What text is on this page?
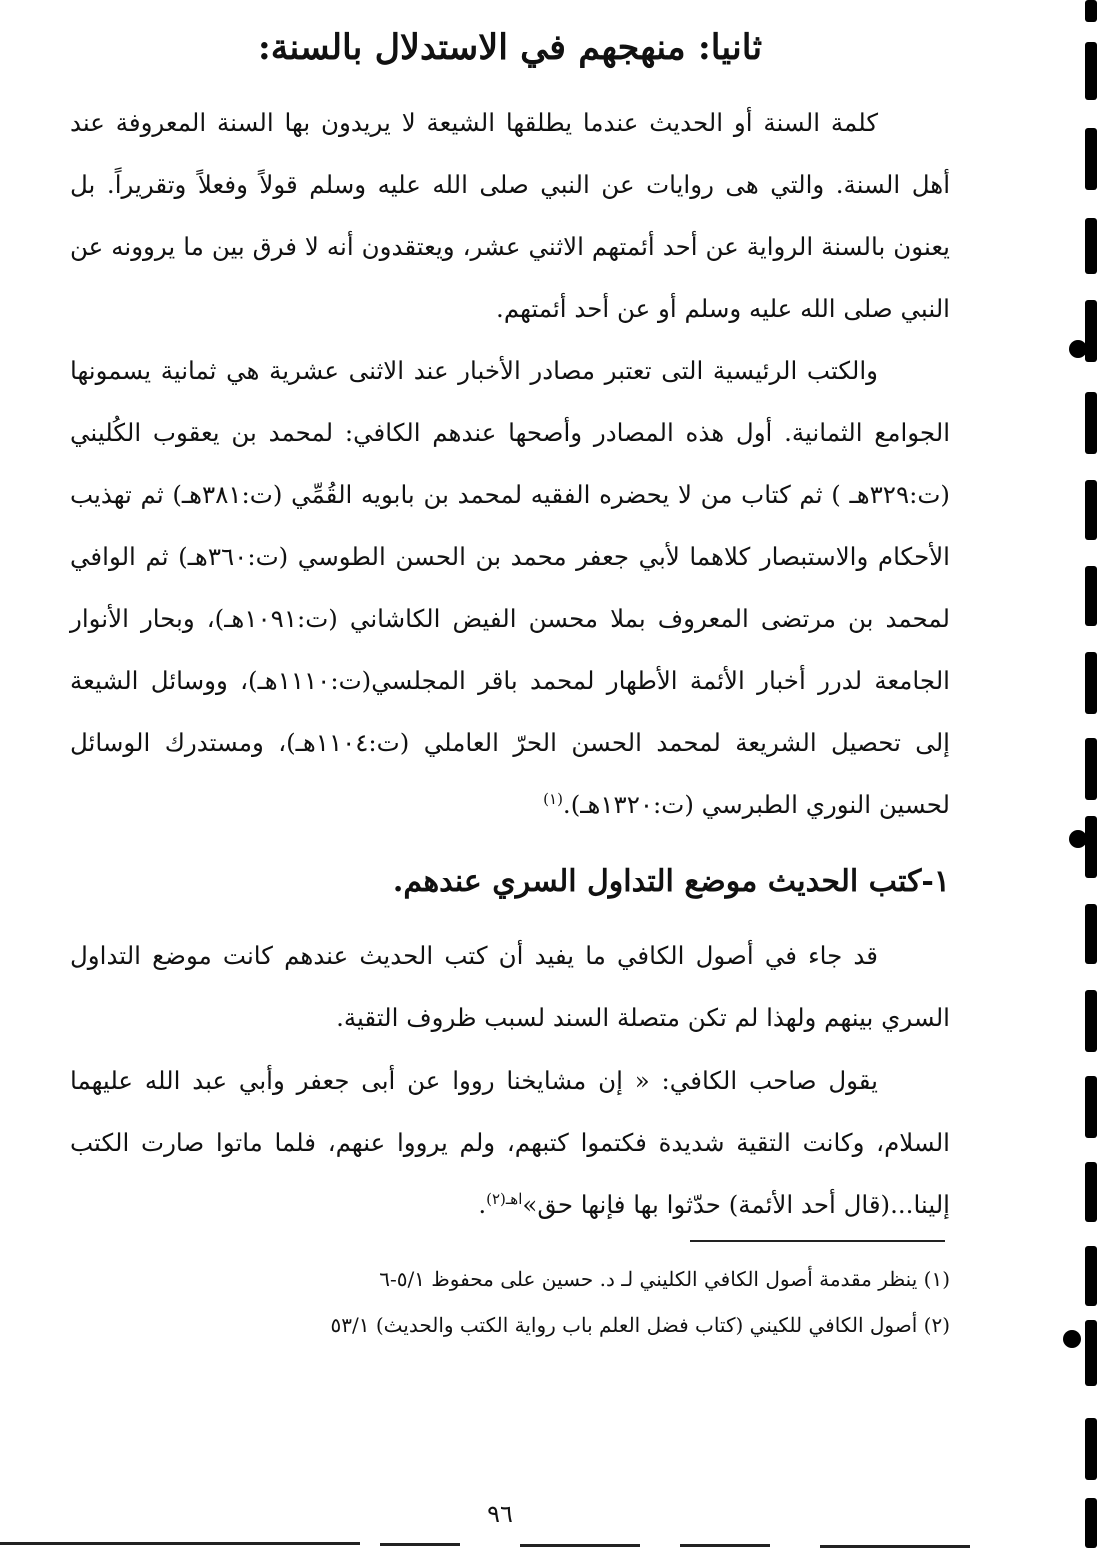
ثانيا: منهجهم في الاستدلال بالسنة:

كلمة السنة أو الحديث عندما يطلقها الشيعة لا يريدون بها السنة المعروفة عند أهل السنة. والتي هى روايات عن النبي صلى الله عليه وسلم قولاً وفعلاً وتقريراً. بل يعنون بالسنة الرواية عن أحد أئمتهم الاثني عشر، ويعتقدون أنه لا فرق بين ما يروونه عن النبي صلى الله عليه وسلم أو عن أحد أئمتهم.

والكتب الرئيسية التى تعتبر مصادر الأخبار عند الاثنى عشرية هي ثمانية يسمونها الجوامع الثمانية. أول هذه المصادر وأصحها عندهم الكافي: لمحمد بن يعقوب الكُليني (ت:٣٢٩هـ ) ثم كتاب من لا يحضره الفقيه لمحمد بن بابويه القُمِّي (ت:٣٨١هـ) ثم تهذيب الأحكام والاستبصار كلاهما لأبي جعفر محمد بن الحسن الطوسي (ت:٣٦٠هـ) ثم الوافي لمحمد بن مرتضى المعروف بملا محسن الفيض الكاشاني (ت:١٠٩١هـ)، وبحار الأنوار الجامعة لدرر أخبار الأئمة الأطهار لمحمد باقر المجلسي(ت:١١١٠هـ)، ووسائل الشيعة إلى تحصيل الشريعة لمحمد الحسن الحرّ العاملي (ت:١١٠٤هـ)، ومستدرك الوسائل لحسين النوري الطبرسي (ت:١٣٢٠هـ).$^{(١)}$

١-كتب الحديث موضع التداول السري عندهم.

قد جاء في أصول الكافي ما يفيد أن كتب الحديث عندهم كانت موضع التداول السري بينهم ولهذا لم تكن متصلة السند لسبب ظروف التقية.

يقول صاحب الكافي: « إن مشايخنا رووا عن أبى جعفر وأبي عبد الله عليهما السلام، وكانت التقية شديدة فكتموا كتبهم، ولم يرووا عنهم، فلما ماتوا صارت الكتب إلينا...(قال أحد الأئمة) حدّثوا بها فإنها حق»$^{اهـ(٢)}$.

(١) ينظر مقدمة أصول الكافي الكليني لـ د. حسين على محفوظ ٥/١-٦

(٢) أصول الكافي للكيني (كتاب فضل العلم باب رواية الكتب والحديث) ٥٣/١

٩٦
